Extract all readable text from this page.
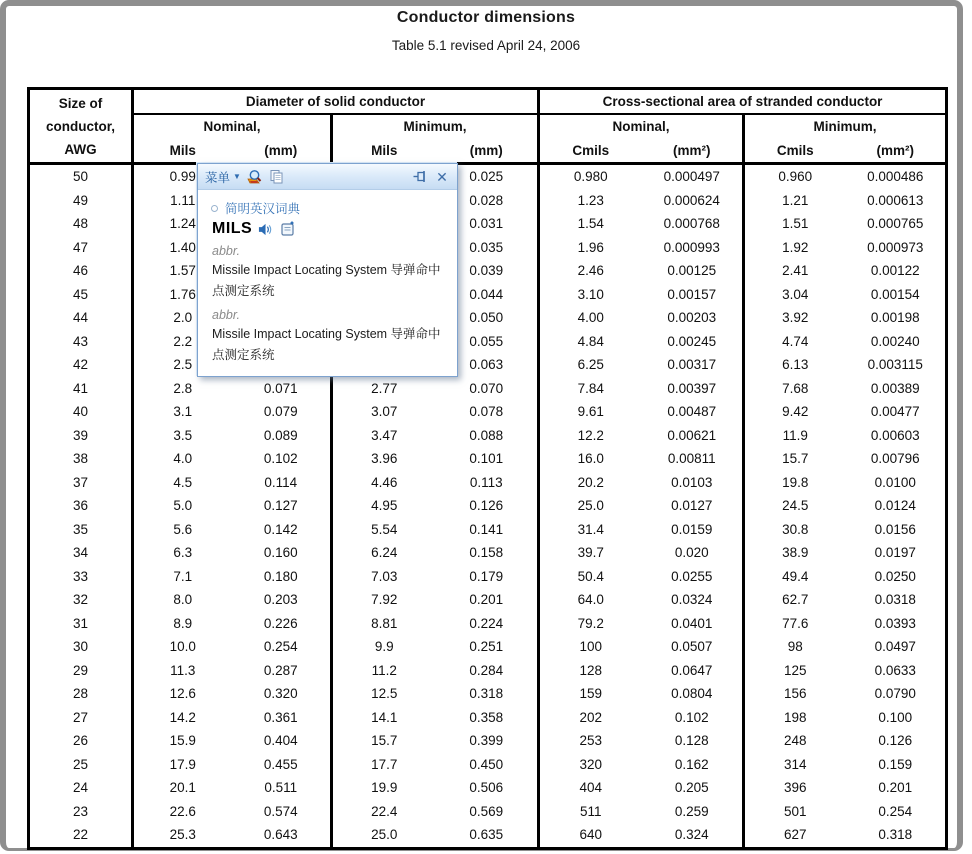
Conductor dimensions
Table 5.1 revised April 24, 2006
Size of
conductor,
AWG	Diameter of solid conductor				Cross-sectional area of stranded conductor			
	Nominal,		Minimum,		Nominal,		Minimum,	
	Mils	(mm)	Mils	(mm)	Cmils	(mm²)	Cmils	(mm²)
50	0.99			0.025	0.980	0.000497	0.960	0.000486
49	1.11			0.028	1.23	0.000624	1.21	0.000613
48	1.24			0.031	1.54	0.000768	1.51	0.000765
47	1.40			0.035	1.96	0.000993	1.92	0.000973
46	1.57			0.039	2.46	0.00125	2.41	0.00122
45	1.76			0.044	3.10	0.00157	3.04	0.00154
44	2.0			0.050	4.00	0.00203	3.92	0.00198
43	2.2			0.055	4.84	0.00245	4.74	0.00240
42	2.5			0.063	6.25	0.00317	6.13	0.003115
41	2.8	0.071	2.77	0.070	7.84	0.00397	7.68	0.00389
40	3.1	0.079	3.07	0.078	9.61	0.00487	9.42	0.00477
39	3.5	0.089	3.47	0.088	12.2	0.00621	11.9	0.00603
38	4.0	0.102	3.96	0.101	16.0	0.00811	15.7	0.00796
37	4.5	0.114	4.46	0.113	20.2	0.0103	19.8	0.0100
36	5.0	0.127	4.95	0.126	25.0	0.0127	24.5	0.0124
35	5.6	0.142	5.54	0.141	31.4	0.0159	30.8	0.0156
34	6.3	0.160	6.24	0.158	39.7	0.020	38.9	0.0197
33	7.1	0.180	7.03	0.179	50.4	0.0255	49.4	0.0250
32	8.0	0.203	7.92	0.201	64.0	0.0324	62.7	0.0318
31	8.9	0.226	8.81	0.224	79.2	0.0401	77.6	0.0393
30	10.0	0.254	9.9	0.251	100	0.0507	98	0.0497
29	11.3	0.287	11.2	0.284	128	0.0647	125	0.0633
28	12.6	0.320	12.5	0.318	159	0.0804	156	0.0790
27	14.2	0.361	14.1	0.358	202	0.102	198	0.100
26	15.9	0.404	15.7	0.399	253	0.128	248	0.126
25	17.9	0.455	17.7	0.450	320	0.162	314	0.159
24	20.1	0.511	19.9	0.506	404	0.205	396	0.201
23	22.6	0.574	22.4	0.569	511	0.259	501	0.254
22	25.3	0.643	25.0	0.635	640	0.324	627	0.318
菜单 ▼	✕
简明英汉词典
MILS
abbr.
Missile Impact Locating System 导弹命中点测定系统
abbr.
Missile Impact Locating System 导弹命中点测定系统
